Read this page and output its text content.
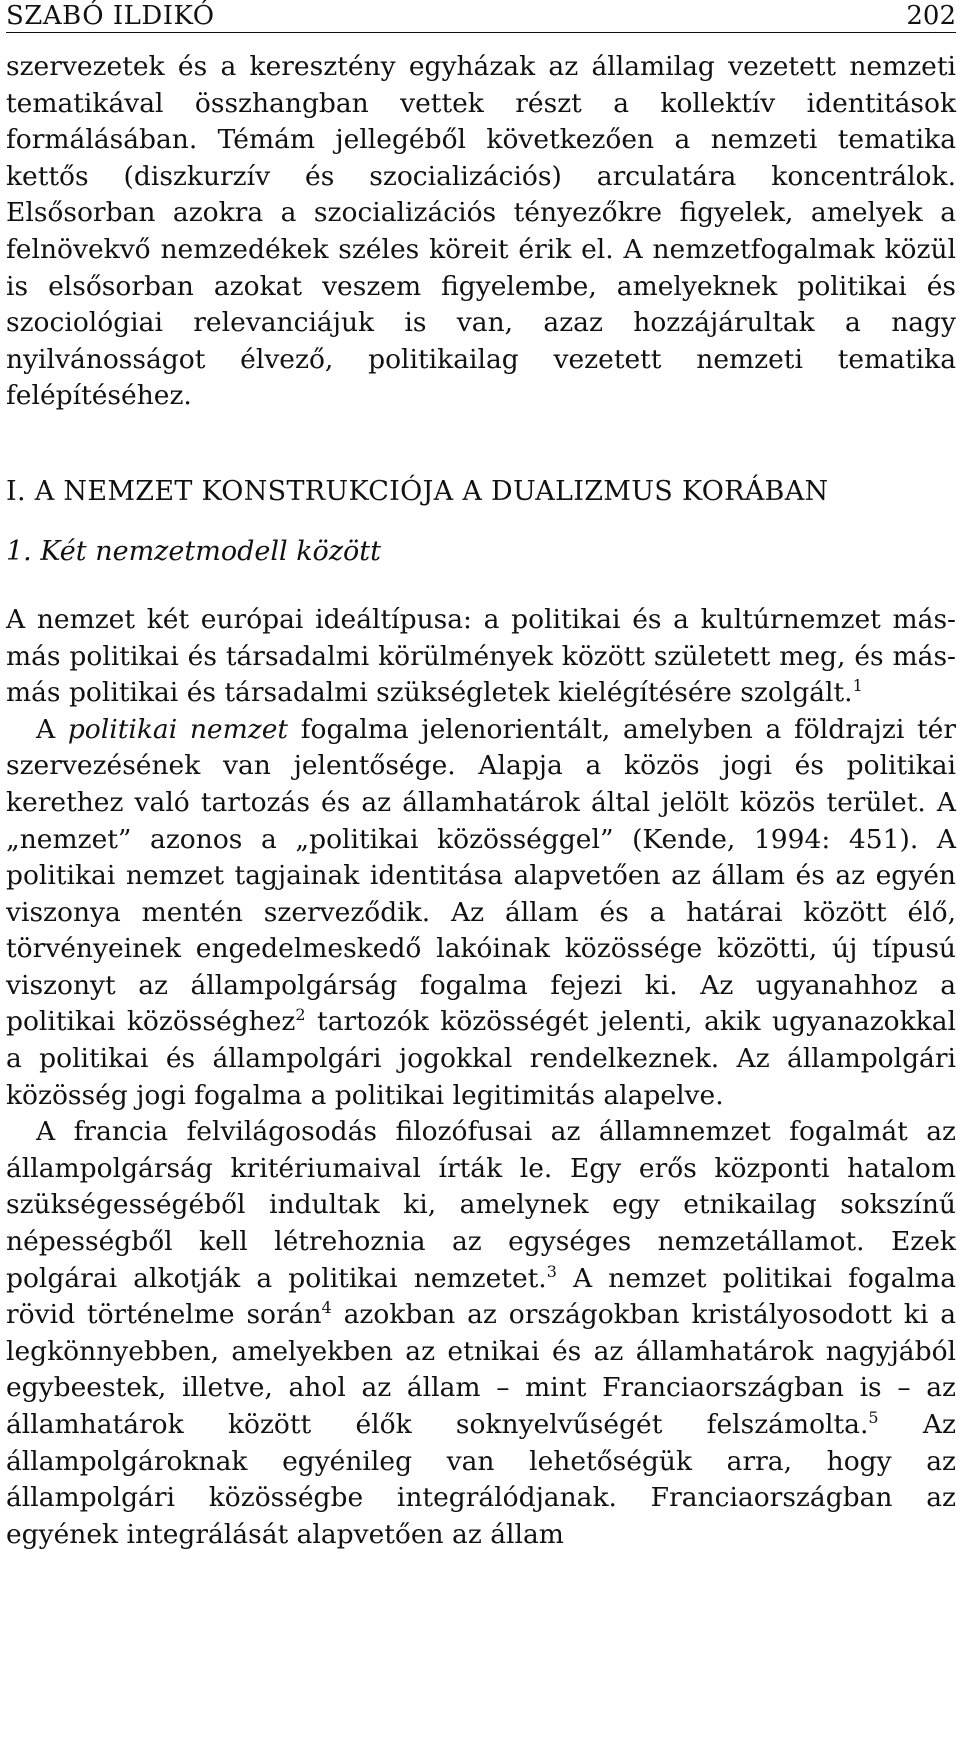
SZABÓ ILDIKÓ	202

szervezetek és a keresztény egyházak az államilag vezetett nemzeti tematikával összhangban vettek részt a kollektív identitások formálásában. Témám jellegéből következően a nemzeti tematika kettős (diszkurzív és szocializációs) arculatára koncentrálok. Elsősorban azokra a szocializációs tényezőkre figyelek, amelyek a felnövekvő nemzedékek széles köreit érik el. A nemzetfogalmak közül is elsősorban azokat veszem figyelembe, amelyeknek politikai és szociológiai relevanciájuk is van, azaz hozzájárultak a nagy nyilvánosságot élvező, politikailag vezetett nemzeti tematika felépítéséhez.

I. A NEMZET KONSTRUKCIÓJA A DUALIZMUS KORÁBAN
1. Két nemzetmodell között

A nemzet két európai ideáltípusa: a politikai és a kultúrnemzet más-más politikai és társadalmi körülmények között született meg, és más-más politikai és társadalmi szükségletek kielégítésére szolgált.$^1$

A politikai nemzet fogalma jelenorientált, amelyben a földrajzi tér szervezésének van jelentősége. Alapja a közös jogi és politikai kerethez való tartozás és az államhatárok által jelölt közös terület. A „nemzet” azonos a „politikai közösséggel” (Kende, 1994: 451). A politikai nemzet tagjainak identitása alapvetően az állam és az egyén viszonya mentén szerveződik. Az állam és a határai között élő, törvényeinek engedelmeskedő lakóinak közössége közötti, új típusú viszonyt az állampolgárság fogalma fejezi ki. Az ugyanahhoz a politikai közösséghez$^2$ tartozók közösségét jelenti, akik ugyanazokkal a politikai és állampolgári jogokkal rendelkeznek. Az állampolgári közösség jogi fogalma a politikai legitimitás alapelve.

A francia felvilágosodás filozófusai az államnemzet fogalmát az állampolgárság kritériumaival írták le. Egy erős központi hatalom szükségességéből indultak ki, amelynek egy etnikailag sokszínű népességből kell létrehoznia az egységes nemzetállamot. Ezek polgárai alkotják a politikai nemzetet.$^3$ A nemzet politikai fogalma rövid történelme során$^4$ azokban az országokban kristályosodott ki a legkönnyebben, amelyekben az etnikai és az államhatárok nagyjából egybeestek, illetve, ahol az állam – mint Franciaországban is – az államhatárok között élők soknyelvűségét felszámolta.$^5$ Az állampolgároknak egyénileg van lehetőségük arra, hogy az állampolgári közösségbe integrálódjanak. Franciaországban az egyének integrálását alapvetően az állam
